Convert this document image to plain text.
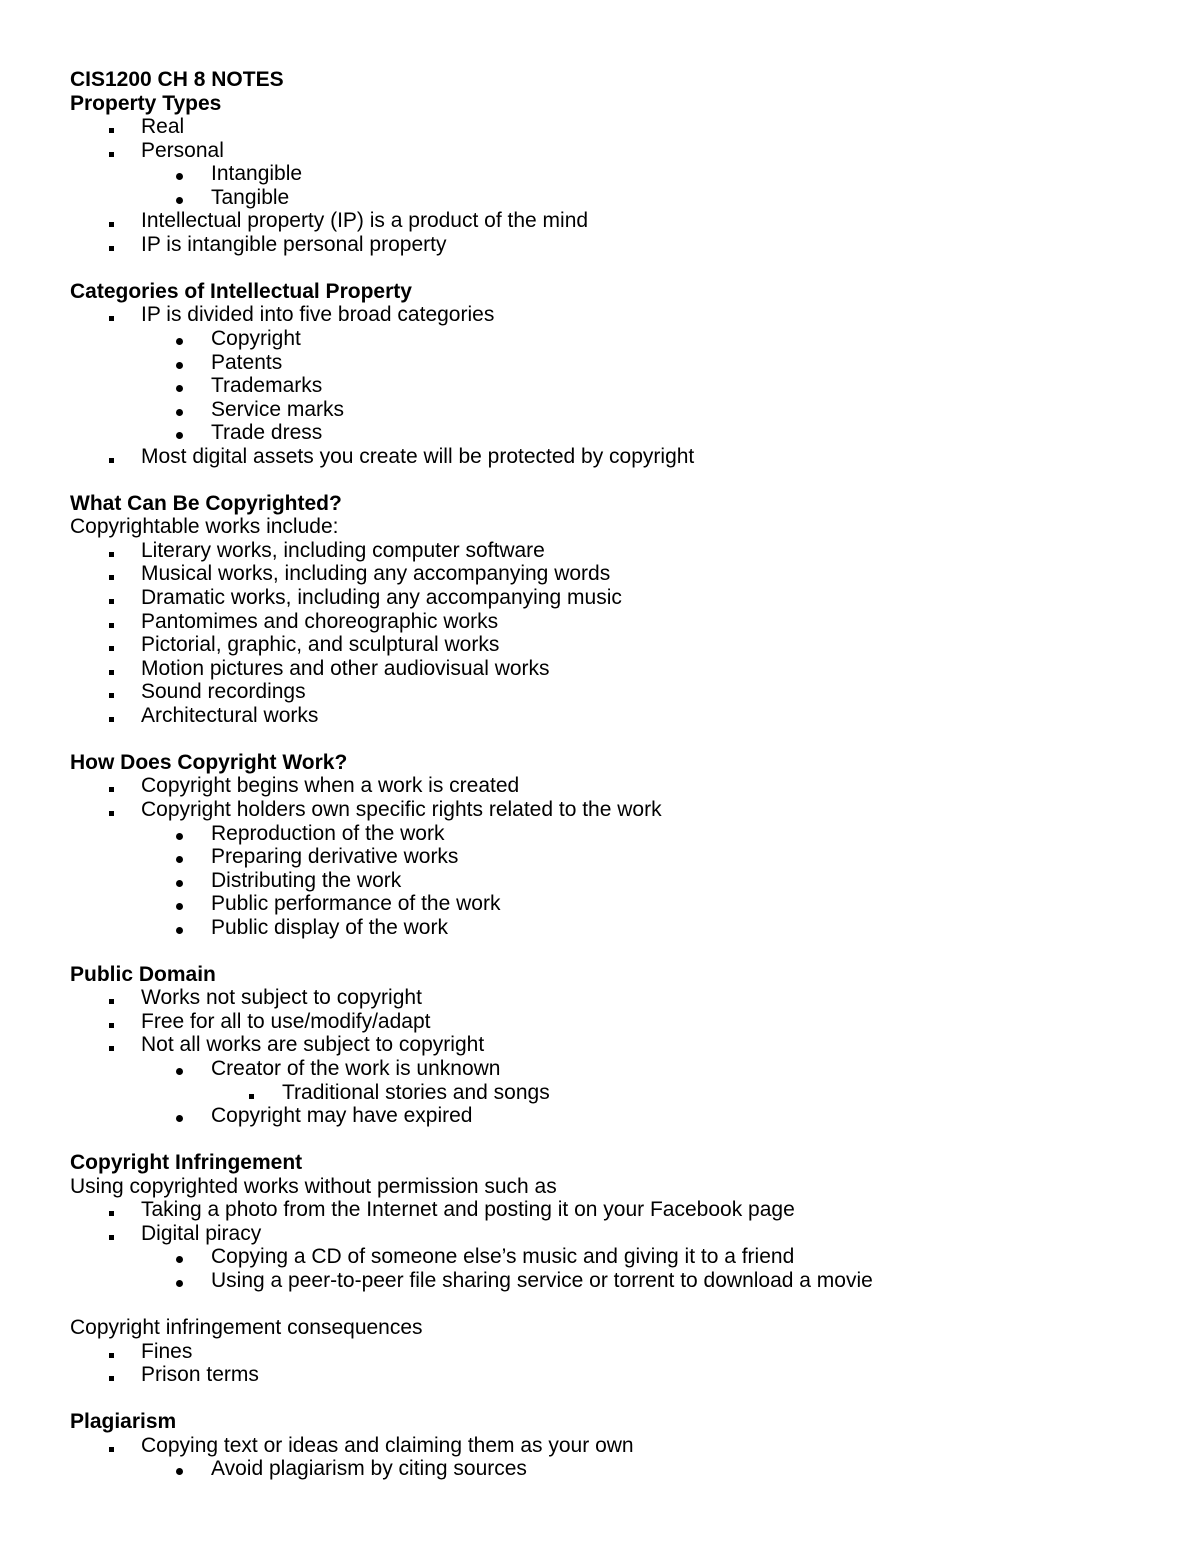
CIS1200 CH 8 NOTES
Property Types
Real
Personal
Intangible
Tangible
Intellectual property (IP) is a product of the mind
IP is intangible personal property
Categories of Intellectual Property
IP is divided into five broad categories
Copyright
Patents
Trademarks
Service marks
Trade dress
Most digital assets you create will be protected by copyright
What Can Be Copyrighted?
Copyrightable works include:
Literary works, including computer software
Musical works, including any accompanying words
Dramatic works, including any accompanying music
Pantomimes and choreographic works
Pictorial, graphic, and sculptural works
Motion pictures and other audiovisual works
Sound recordings
Architectural works
How Does Copyright Work?
Copyright begins when a work is created
Copyright holders own specific rights related to the work
Reproduction of the work
Preparing derivative works
Distributing the work
Public performance of the work
Public display of the work
Public Domain
Works not subject to copyright
Free for all to use/modify/adapt
Not all works are subject to copyright
Creator of the work is unknown
Traditional stories and songs
Copyright may have expired
Copyright Infringement
Using copyrighted works without permission such as
Taking a photo from the Internet and posting it on your Facebook page
Digital piracy
Copying a CD of someone else’s music and giving it to a friend
Using a peer-to-peer file sharing service or torrent to download a movie
Copyright infringement consequences
Fines
Prison terms
Plagiarism
Copying text or ideas and claiming them as your own
Avoid plagiarism by citing sources
